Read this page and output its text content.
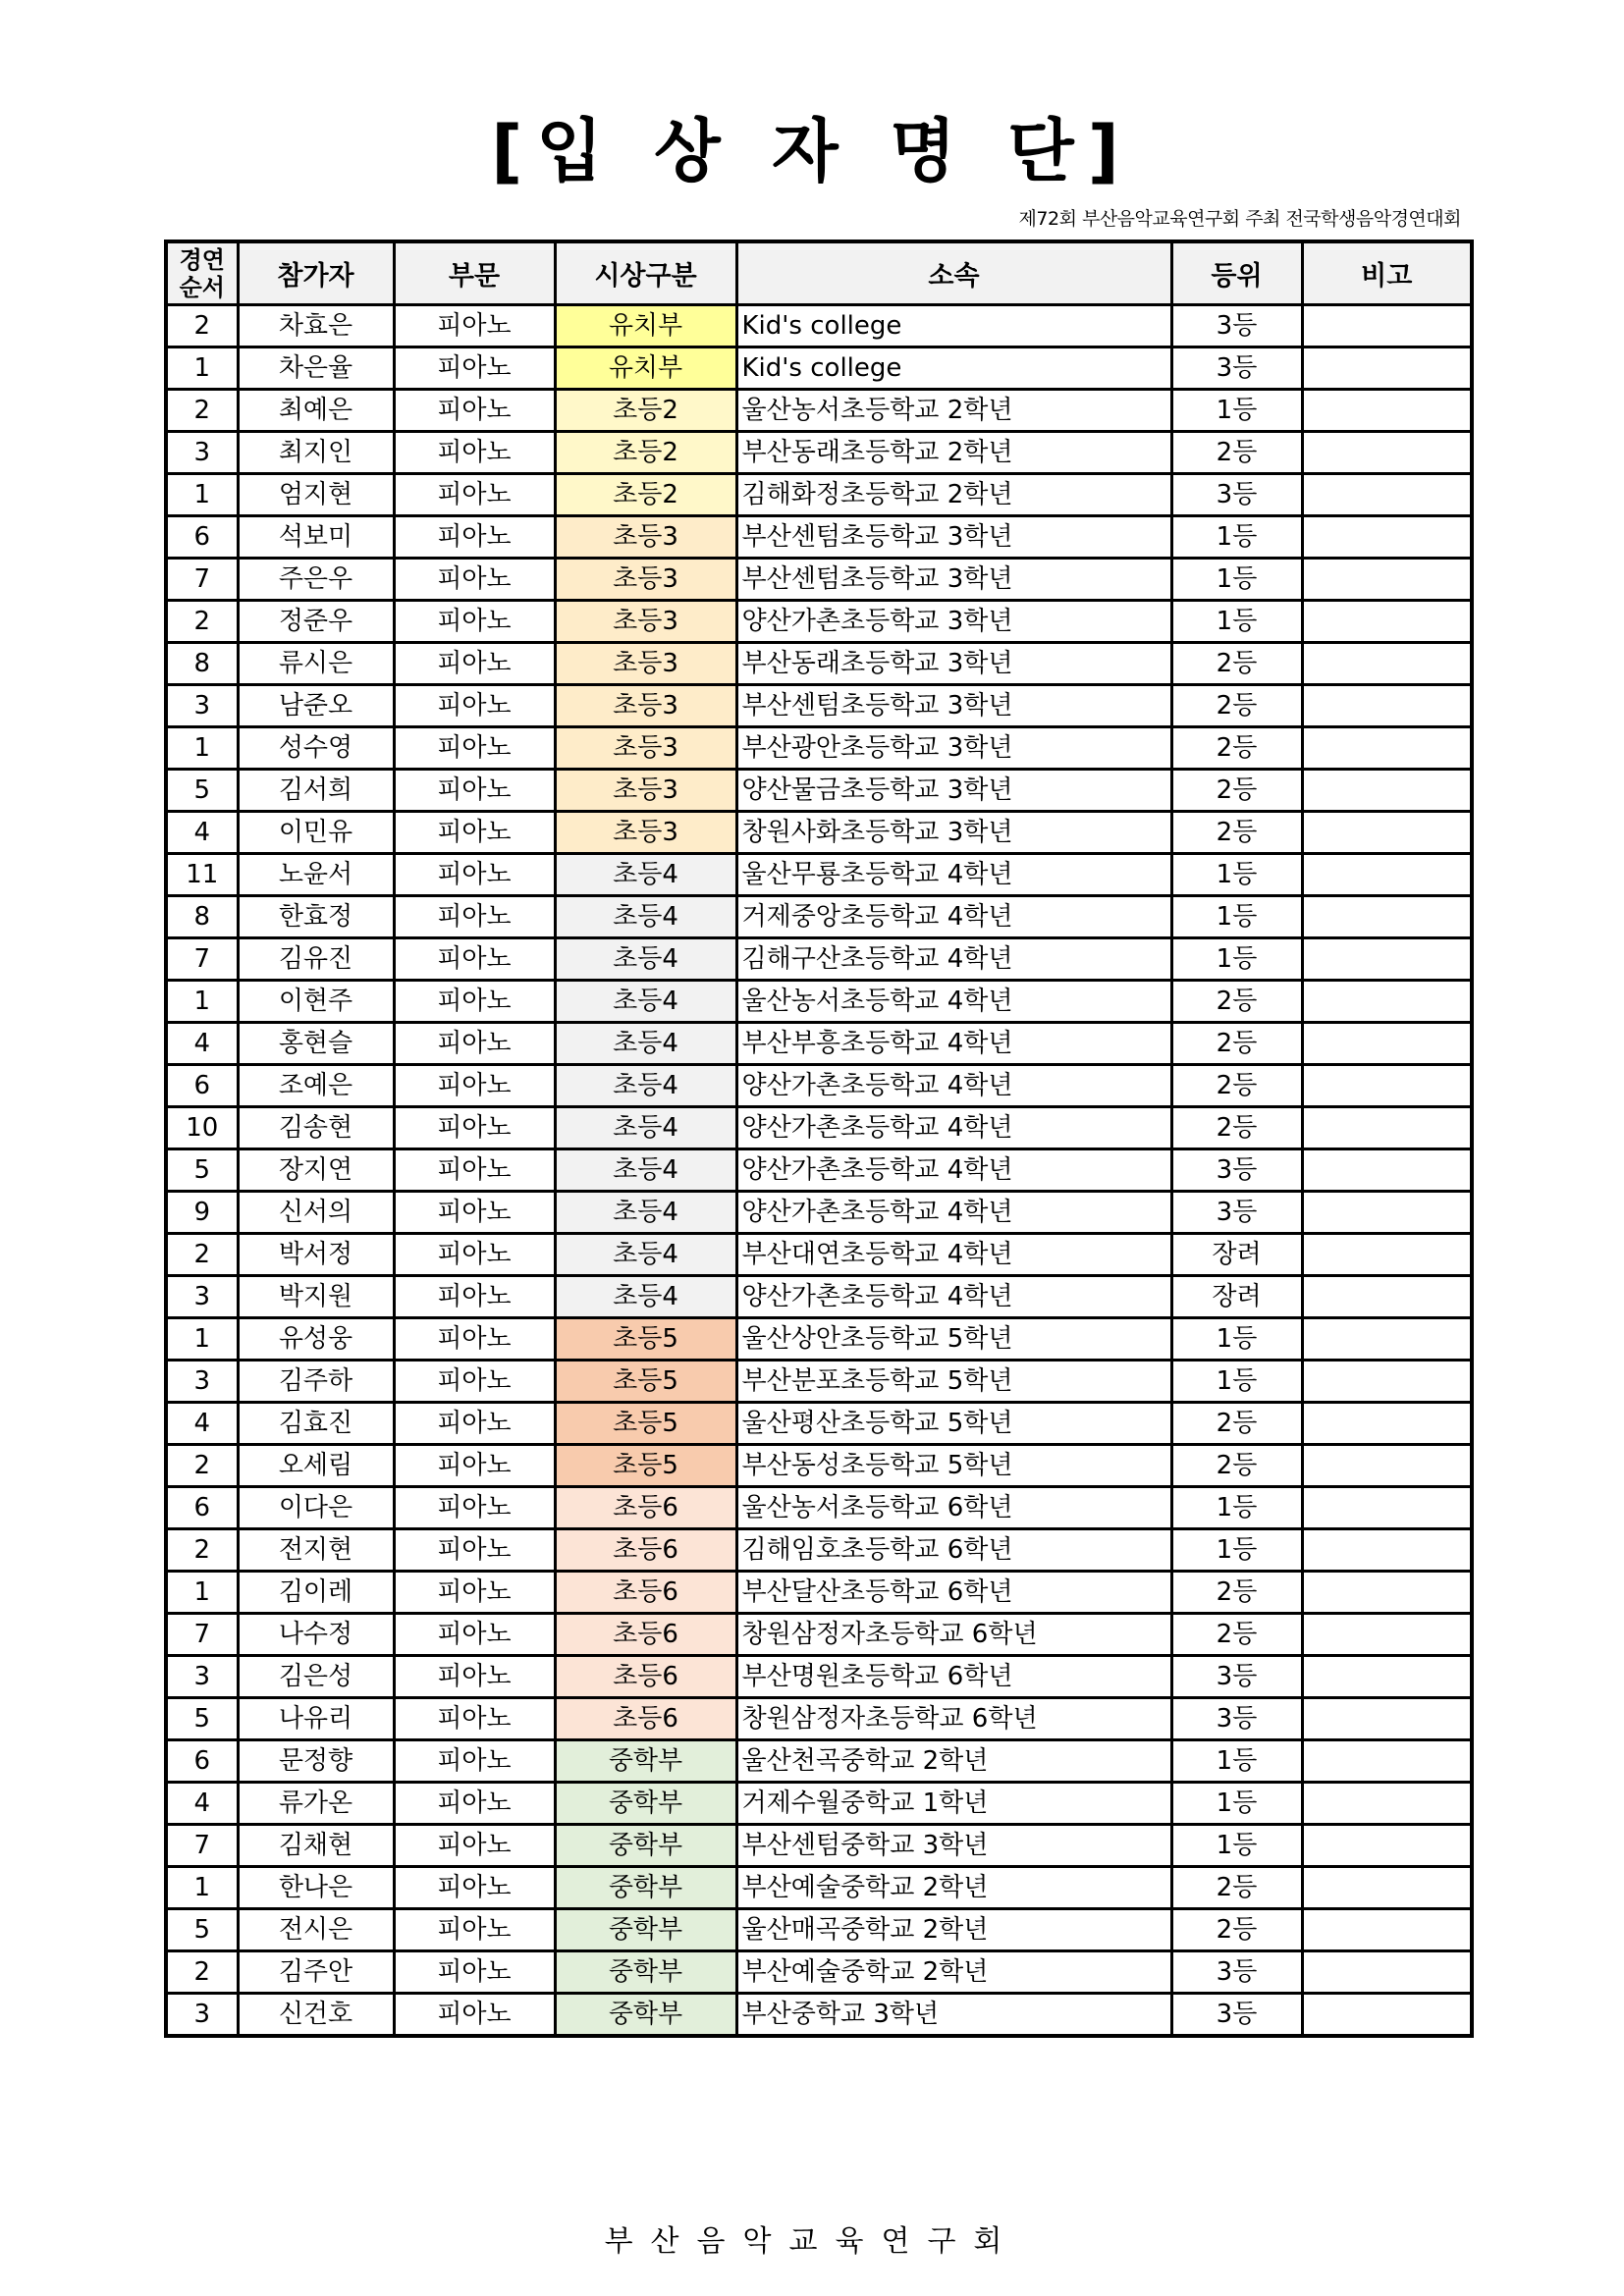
[입 상 자 명 단]
제72회 부산음악교육연구회 주최 전국학생음악경연대회
경연
순서	참가자	부문	시상구분	소속	등위	비고
2	차효은	피아노	유치부	Kid's college	3등	
1	차은율	피아노	유치부	Kid's college	3등	
2	최예은	피아노	초등2	울산농서초등학교 2학년	1등	
3	최지인	피아노	초등2	부산동래초등학교 2학년	2등	
1	엄지현	피아노	초등2	김해화정초등학교 2학년	3등	
6	석보미	피아노	초등3	부산센텀초등학교 3학년	1등	
7	주은우	피아노	초등3	부산센텀초등학교 3학년	1등	
2	정준우	피아노	초등3	양산가촌초등학교 3학년	1등	
8	류시은	피아노	초등3	부산동래초등학교 3학년	2등	
3	남준오	피아노	초등3	부산센텀초등학교 3학년	2등	
1	성수영	피아노	초등3	부산광안초등학교 3학년	2등	
5	김서희	피아노	초등3	양산물금초등학교 3학년	2등	
4	이민유	피아노	초등3	창원사화초등학교 3학년	2등	
11	노윤서	피아노	초등4	울산무룡초등학교 4학년	1등	
8	한효정	피아노	초등4	거제중앙초등학교 4학년	1등	
7	김유진	피아노	초등4	김해구산초등학교 4학년	1등	
1	이현주	피아노	초등4	울산농서초등학교 4학년	2등	
4	홍현슬	피아노	초등4	부산부흥초등학교 4학년	2등	
6	조예은	피아노	초등4	양산가촌초등학교 4학년	2등	
10	김송현	피아노	초등4	양산가촌초등학교 4학년	2등	
5	장지연	피아노	초등4	양산가촌초등학교 4학년	3등	
9	신서의	피아노	초등4	양산가촌초등학교 4학년	3등	
2	박서정	피아노	초등4	부산대연초등학교 4학년	장려	
3	박지원	피아노	초등4	양산가촌초등학교 4학년	장려	
1	유성웅	피아노	초등5	울산상안초등학교 5학년	1등	
3	김주하	피아노	초등5	부산분포초등학교 5학년	1등	
4	김효진	피아노	초등5	울산평산초등학교 5학년	2등	
2	오세림	피아노	초등5	부산동성초등학교 5학년	2등	
6	이다은	피아노	초등6	울산농서초등학교 6학년	1등	
2	전지현	피아노	초등6	김해임호초등학교 6학년	1등	
1	김이레	피아노	초등6	부산달산초등학교 6학년	2등	
7	나수정	피아노	초등6	창원삼정자초등학교 6학년	2등	
3	김은성	피아노	초등6	부산명원초등학교 6학년	3등	
5	나유리	피아노	초등6	창원삼정자초등학교 6학년	3등	
6	문정향	피아노	중학부	울산천곡중학교 2학년	1등	
4	류가온	피아노	중학부	거제수월중학교 1학년	1등	
7	김채현	피아노	중학부	부산센텀중학교 3학년	1등	
1	한나은	피아노	중학부	부산예술중학교 2학년	2등	
5	전시은	피아노	중학부	울산매곡중학교 2학년	2등	
2	김주안	피아노	중학부	부산예술중학교 2학년	3등	
3	신건호	피아노	중학부	부산중학교 3학년	3등	
부산음악교육연구회
